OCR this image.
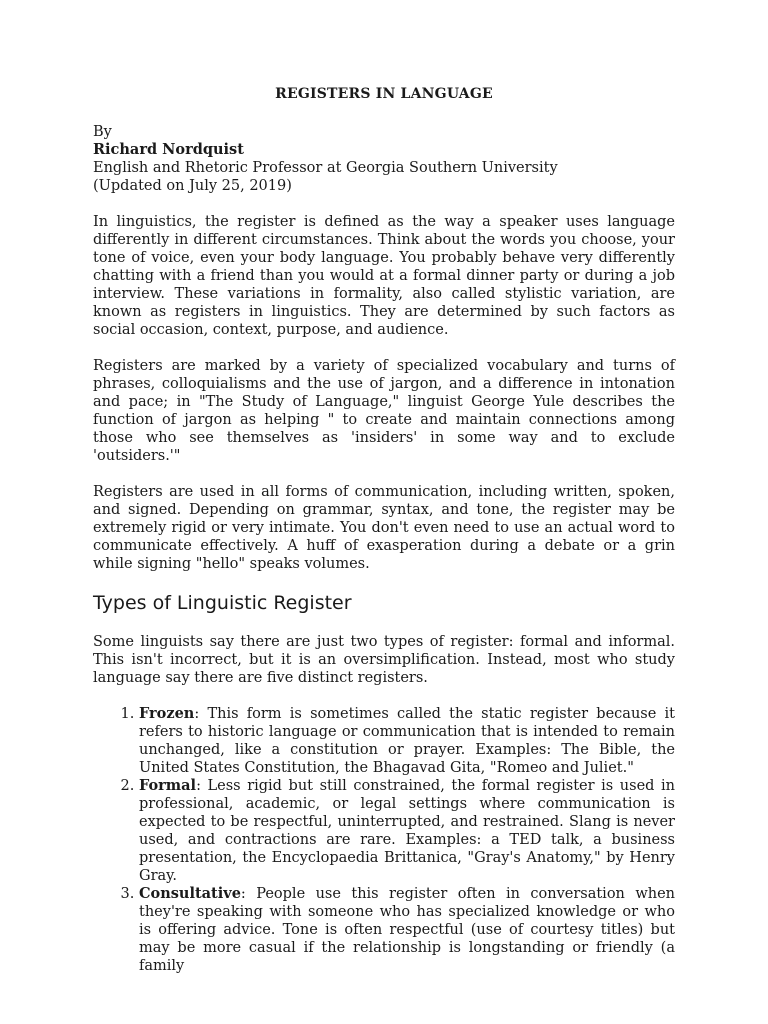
REGISTERS IN LANGUAGE
By
Richard Nordquist
English and Rhetoric Professor at Georgia Southern University
(Updated on July 25, 2019)

In linguistics, the register is defined as the way a speaker uses language differently in different circumstances. Think about the words you choose, your tone of voice, even your body language. You probably behave very differently chatting with a friend than you would at a formal dinner party or during a job interview. These variations in formality, also called stylistic variation, are known as registers in linguistics. They are determined by such factors as social occasion, context, purpose, and audience.

Registers are marked by a variety of specialized vocabulary and turns of phrases, colloquialisms and the use of jargon, and a difference in intonation and pace; in "The Study of Language," linguist George Yule describes the function of jargon as helping " to create and maintain connections among those who see themselves as 'insiders' in some way and to exclude 'outsiders.'"

Registers are used in all forms of communication, including written, spoken, and signed. Depending on grammar, syntax, and tone, the register may be extremely rigid or very intimate. You don't even need to use an actual word to communicate effectively. A huff of exasperation during a debate or a grin while signing "hello" speaks volumes.

Types of Linguistic Register

Some linguists say there are just two types of register: formal and informal. This isn't incorrect, but it is an oversimplification. Instead, most who study language say there are five distinct registers.

1. Frozen: This form is sometimes called the static register because it refers to historic language or communication that is intended to remain unchanged, like a constitution or prayer. Examples: The Bible, the United States Constitution, the Bhagavad Gita, "Romeo and Juliet."
2. Formal: Less rigid but still constrained, the formal register is used in professional, academic, or legal settings where communication is expected to be respectful, uninterrupted, and restrained. Slang is never used, and contractions are rare. Examples: a TED talk, a business presentation, the Encyclopaedia Brittanica, "Gray's Anatomy," by Henry Gray.
3. Consultative: People use this register often in conversation when they're speaking with someone who has specialized knowledge or who is offering advice. Tone is often respectful (use of courtesy titles) but may be more casual if the relationship is longstanding or friendly (a family
